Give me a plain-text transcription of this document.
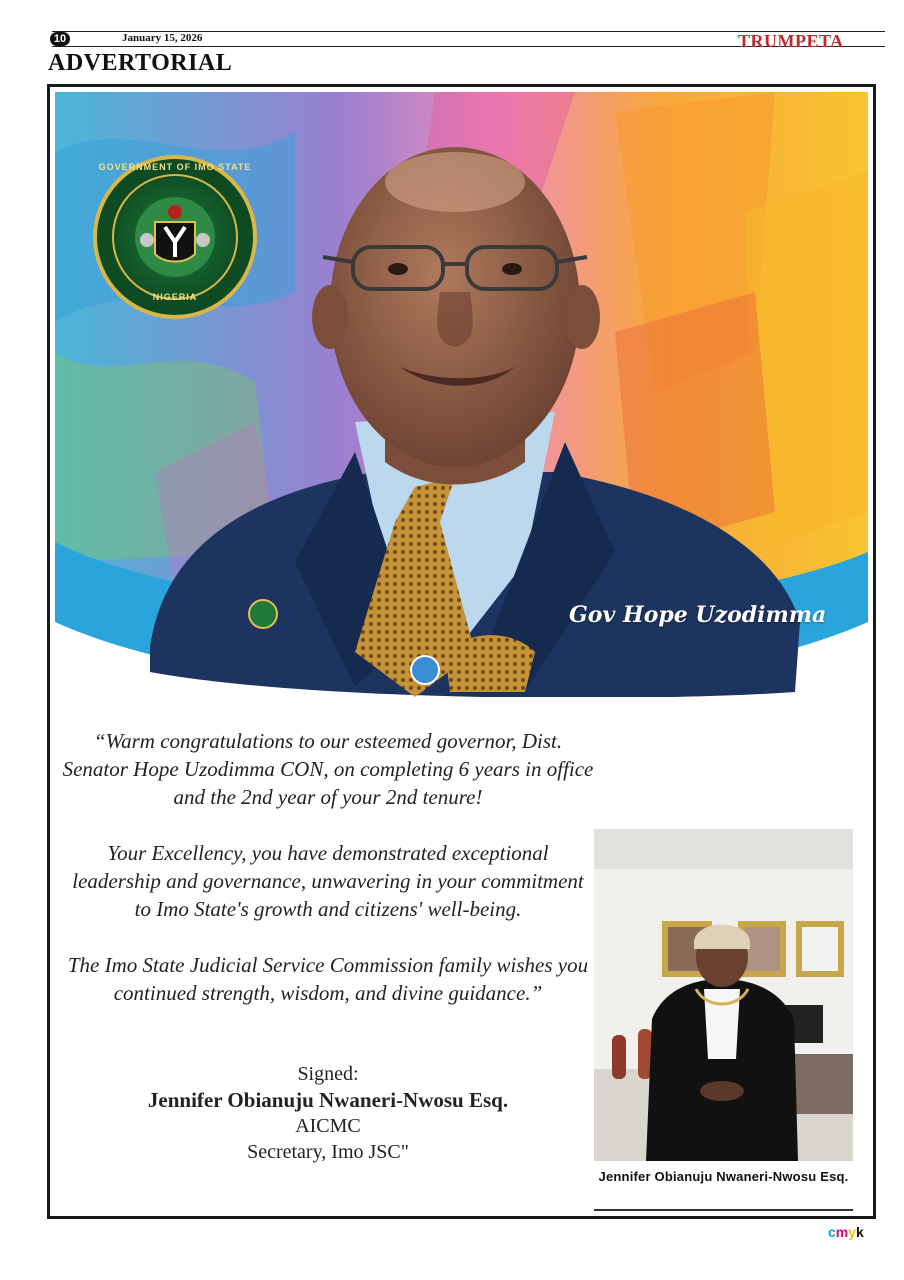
10	January 15, 2026	TRUMPETA
ADVERTORIAL
GOVERNMENT OF IMO STATE
NIGERIA
Gov Hope Uzodimma

“Warm congratulations to our esteemed governor, Dist. Senator Hope Uzodimma CON, on completing 6 years in office and the 2nd year of your 2nd tenure!

Your Excellency, you have demonstrated exceptional leadership and governance, unwavering in your commitment to Imo State's growth and citizens' well-being.

The Imo State Judicial Service Commission family wishes you continued strength, wisdom, and divine guidance.”

Signed:
Jennifer Obianuju Nwaneri-Nwosu Esq.
AICMC
Secretary, Imo JSC"
Jennifer Obianuju Nwaneri-Nwosu Esq.
cmyk
